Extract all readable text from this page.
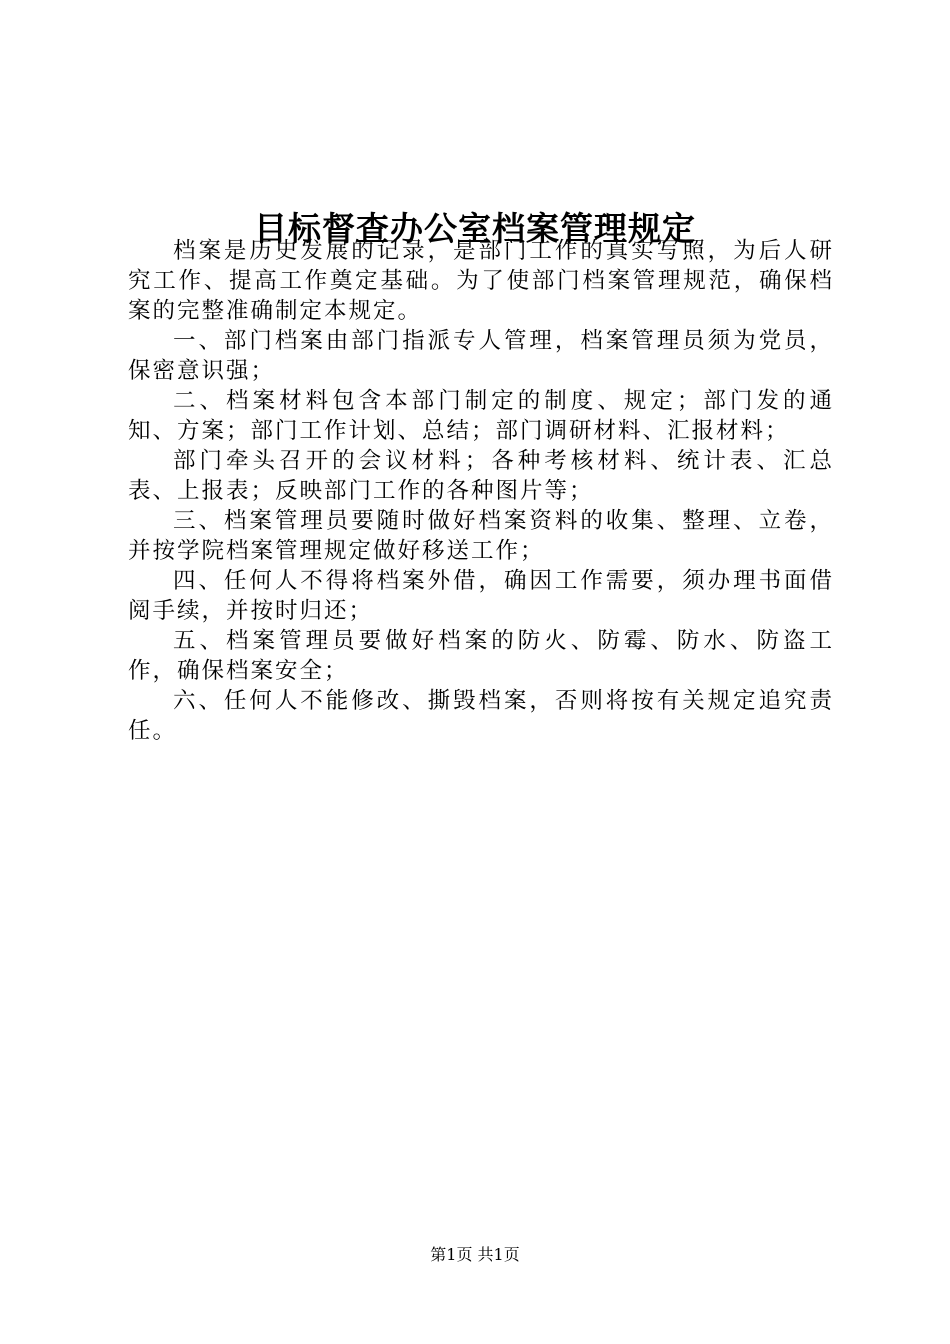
目标督查办公室档案管理规定

档案是历史发展的记录，是部门工作的真实写照，为后人研究工作、提高工作奠定基础。为了使部门档案管理规范，确保档案的完整准确制定本规定。

一、部门档案由部门指派专人管理，档案管理员须为党员，保密意识强；

二、档案材料包含本部门制定的制度、规定；部门发的通知、方案；部门工作计划、总结；部门调研材料、汇报材料；

部门牵头召开的会议材料；各种考核材料、统计表、汇总表、上报表；反映部门工作的各种图片等；

三、档案管理员要随时做好档案资料的收集、整理、立卷，并按学院档案管理规定做好移送工作；

四、任何人不得将档案外借，确因工作需要，须办理书面借阅手续，并按时归还；

五、档案管理员要做好档案的防火、防霉、防水、防盗工作，确保档案安全；

六、任何人不能修改、撕毁档案，否则将按有关规定追究责任。

第1页 共1页
